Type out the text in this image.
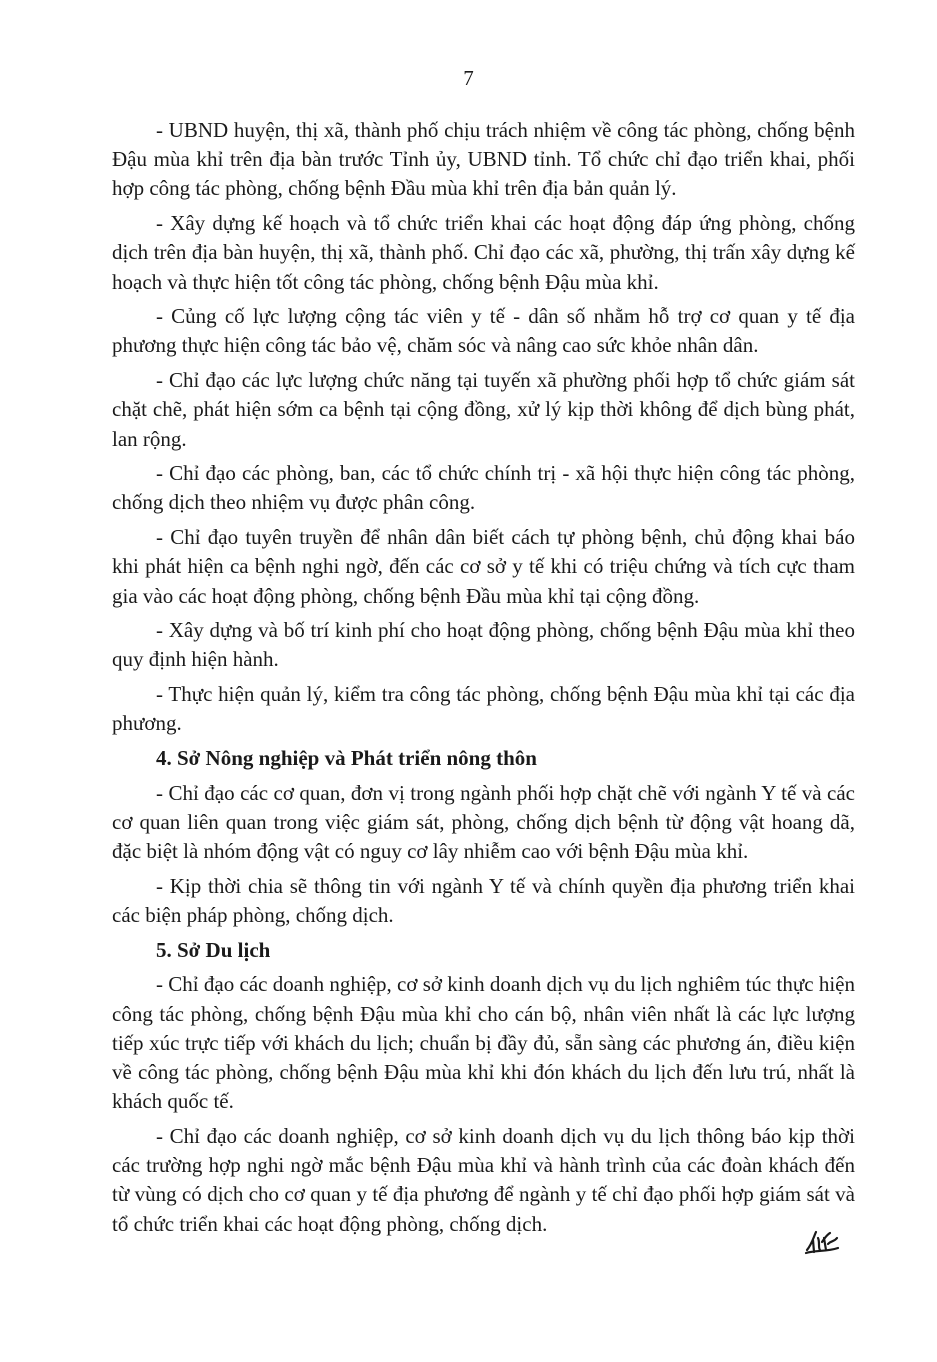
7

- UBND huyện, thị xã, thành phố chịu trách nhiệm về công tác phòng, chống bệnh Đậu mùa khỉ trên địa bàn trước Tỉnh ủy, UBND tỉnh. Tổ chức chỉ đạo triển khai, phối hợp công tác phòng, chống bệnh Đầu mùa khỉ trên địa bản quản lý.

- Xây dựng kế hoạch và tổ chức triển khai các hoạt động đáp ứng phòng, chống dịch trên địa bàn huyện, thị xã, thành phố. Chỉ đạo các xã, phường, thị trấn xây dựng kế hoạch và thực hiện tốt công tác phòng, chống bệnh Đậu mùa khỉ.

- Củng cố lực lượng cộng tác viên y tế - dân số nhằm hỗ trợ cơ quan y tế địa phương thực hiện công tác bảo vệ, chăm sóc và nâng cao sức khỏe nhân dân.

- Chỉ đạo các lực lượng chức năng tại tuyến xã phường phối hợp tổ chức giám sát chặt chẽ, phát hiện sớm ca bệnh tại cộng đồng, xử lý kịp thời không để dịch bùng phát, lan rộng.

- Chỉ đạo các phòng, ban, các tổ chức chính trị - xã hội thực hiện công tác phòng, chống dịch theo nhiệm vụ được phân công.

- Chỉ đạo tuyên truyền để nhân dân biết cách tự phòng bệnh, chủ động khai báo khi phát hiện ca bệnh nghi ngờ, đến các cơ sở y tế khi có triệu chứng và tích cực tham gia vào các hoạt động phòng, chống bệnh Đầu mùa khỉ tại cộng đồng.

- Xây dựng và bố trí kinh phí cho hoạt động phòng, chống bệnh Đậu mùa khỉ theo quy định hiện hành.

- Thực hiện quản lý, kiểm tra công tác phòng, chống bệnh Đậu mùa khỉ tại các địa phương.

4. Sở Nông nghiệp và Phát triển nông thôn

- Chỉ đạo các cơ quan, đơn vị trong ngành phối hợp chặt chẽ với ngành Y tế và các cơ quan liên quan trong việc giám sát, phòng, chống dịch bệnh từ động vật hoang dã, đặc biệt là nhóm động vật có nguy cơ lây nhiễm cao với bệnh Đậu mùa khỉ.

- Kịp thời chia sẽ thông tin với ngành Y tế và chính quyền địa phương triển khai các biện pháp phòng, chống dịch.

5. Sở Du lịch

- Chỉ đạo các doanh nghiệp, cơ sở kinh doanh dịch vụ du lịch nghiêm túc thực hiện công tác phòng, chống bệnh Đậu mùa khỉ cho cán bộ, nhân viên nhất là các lực lượng tiếp xúc trực tiếp với khách du lịch; chuẩn bị đầy đủ, sẵn sàng các phương án, điều kiện về công tác phòng, chống bệnh Đậu mùa khỉ khi đón khách du lịch đến lưu trú, nhất là khách quốc tế.

- Chỉ đạo các doanh nghiệp, cơ sở kinh doanh dịch vụ du lịch thông báo kịp thời các trường hợp nghi ngờ mắc bệnh Đậu mùa khỉ và hành trình của các đoàn khách đến từ vùng có dịch cho cơ quan y tế địa phương để ngành y tế chỉ đạo phối hợp giám sát và tổ chức triển khai các hoạt động phòng, chống dịch.
